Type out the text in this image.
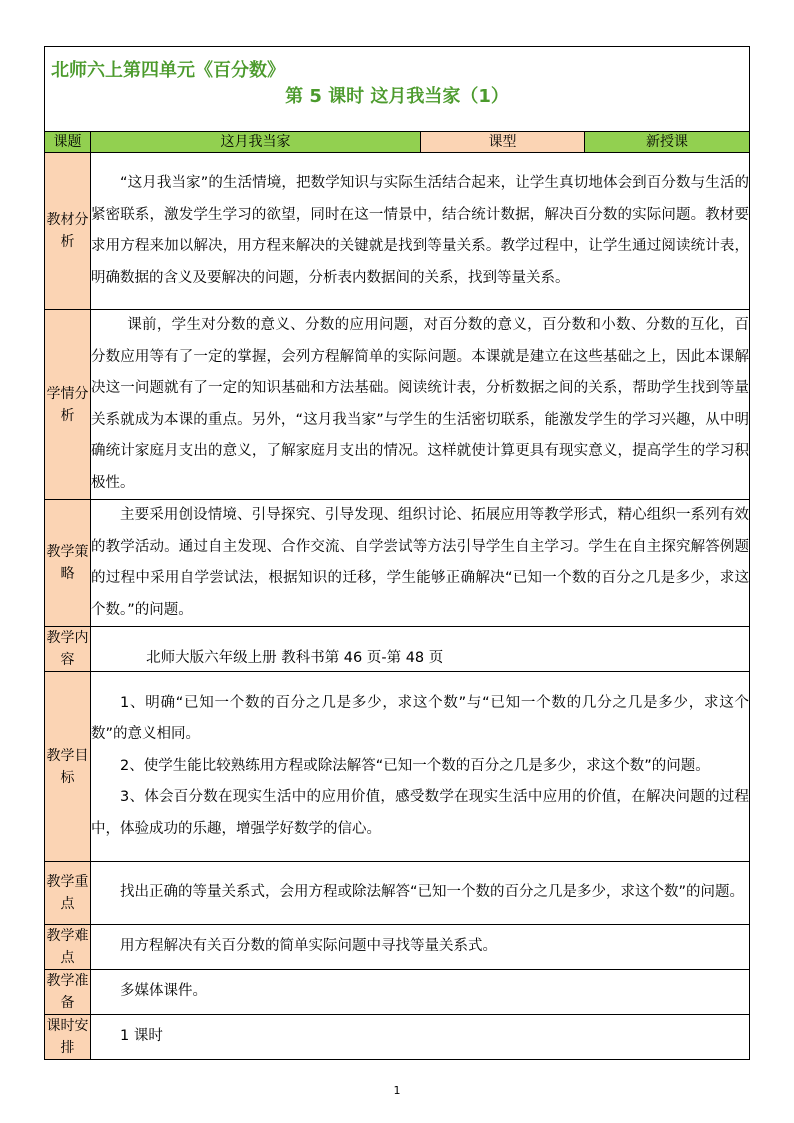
北师六上第四单元《百分数》
第 5 课时 这月我当家（1）			

课题	这月我当家	课型	新授课
教材分析	“这月我当家”的生活情境，把数学知识与实际生活结合起来，让学生真切地体会到百分数与生活的紧密联系，激发学生学习的欲望，同时在这一情景中，结合统计数据，解决百分数的实际问题。教材要求用方程来加以解决，用方程来解决的关键就是找到等量关系。教学过程中，让学生通过阅读统计表，明确数据的含义及要解决的问题，分析表内数据间的关系，找到等量关系。		

学情分析	课前，学生对分数的意义、分数的应用问题，对百分数的意义，百分数和小数、分数的互化，百分数应用等有了一定的掌握，会列方程解简单的实际问题。本课就是建立在这些基础之上，因此本课解决这一问题就有了一定的知识基础和方法基础。阅读统计表，分析数据之间的关系，帮助学生找到等量关系就成为本课的重点。另外，“这月我当家”与学生的生活密切联系，能激发学生的学习兴趣，从中明确统计家庭月支出的意义，了解家庭月支出的情况。这样就使计算更具有现实意义，提高学生的学习积极性。		

教学策略	主要采用创设情境、引导探究、引导发现、组织讨论、拓展应用等教学形式，精心组织一系列有效的教学活动。通过自主发现、合作交流、自学尝试等方法引导学生自主学习。学生在自主探究解答例题的过程中采用自学尝试法，根据知识的迁移，学生能够正确解决“已知一个数的百分之几是多少，求这个数。”的问题。		

教学内容	北师大版六年级上册 教科书第 46 页-第 48 页		

教学目标	1、明确“已知一个数的百分之几是多少，求这个数”与“已知一个数的几分之几是多少，求这个数”的意义相同。

2、使学生能比较熟练用方程或除法解答“已知一个数的百分之几是多少，求这个数”的问题。

3、体会百分数在现实生活中的应用价值，感受数学在现实生活中应用的价值，在解决问题的过程中，体验成功的乐趣，增强学好数学的信心。		

教学重点	找出正确的等量关系式，会用方程或除法解答“已知一个数的百分之几是多少，求这个数”的问题。		

教学难点	用方程解决有关百分数的简单实际问题中寻找等量关系式。		

教学准备	多媒体课件。		

课时安排	1 课时		

1
